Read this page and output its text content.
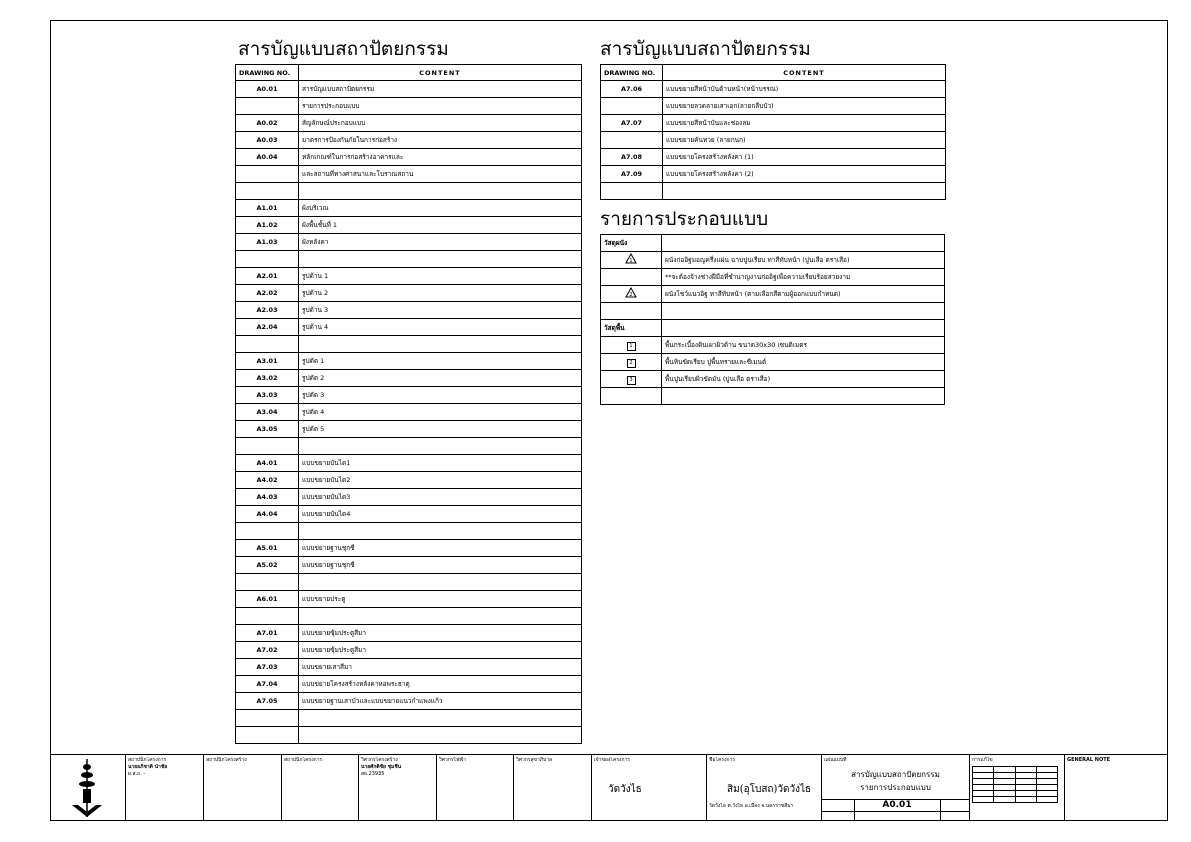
สารบัญแบบสถาปัตยกรรม	สารบัญแบบสถาปัตยกรรม
DRAWING NO.	CONTENT
A0.01	สารบัญแบบสถาปัตยกรรม
	รายการประกอบแบบ
A0.02	สัญลักษณ์ประกอบแบบ
A0.03	มาตรการป้องกันภัยในการก่อสร้าง
A0.04	หลักเกณฑ์ในการก่อสร้างอาคารและ
	และสถานที่ทางศาสนาและโบราณสถาน

A1.01	ผังบริเวณ
A1.02	ผังพื้นชั้นที่ 1
A1.03	ผังหลังคา

A2.01	รูปด้าน 1
A2.02	รูปด้าน 2
A2.03	รูปด้าน 3
A2.04	รูปด้าน 4

A3.01	รูปตัด 1
A3.02	รูปตัด 2
A3.03	รูปตัด 3
A3.04	รูปตัด 4
A3.05	รูปตัด 5

A4.01	แบบขยายบันได1
A4.02	แบบขยายบันได2
A4.03	แบบขยายบันได3
A4.04	แบบขยายบันได4

A5.01	แบบขยายฐานชุกชี
A5.02	แบบขยายฐานชุกชี

A6.01	แบบขยายประตู

A7.01	แบบขยายซุ้มประตูสีมา
A7.02	แบบขยายซุ้มประตูสีมา
A7.03	แบบขยายเสาสีมา
A7.04	แบบขยายโครงสร้างหลังคาหอพระธาตุ
A7.05	แบบขยายฐานเสาบัวและแบบขยายแนวกำแพงแก้ว

DRAWING NO.	CONTENT
A7.06	แบบขยายสีหน้าบันด้านหน้า(หน้าบรรณ)
	แบบขยายลวดลายเสาเอก(ลายกลีบบัว)
A7.07	แบบขยายสีหน้าบันและช่องลม
	แบบขยายคันทวย (ลายกนก)
A7.08	แบบขยายโครงสร้างหลังคา (1)
A7.09	แบบขยายโครงสร้างหลังคา (2)

รายการประกอบแบบ
วัสดุผนัง	

1	ผนังก่ออิฐมอญครึ่งแผ่น ฉาบปูนเรียบ ทาสีทับหน้า (ปูนเสือ ตราเสือ)
	**จะต้องจ้างช่างฝีมือที่ชำนาญงานก่ออิฐเพื่อความเรียบร้อยสวยงาม

2	ผนังโชว์แนวอิฐ ทาสีทับหน้า (ตามเลือกสีตามผู้ออกแบบกำหนด)

วัสดุพื้น	
1	พื้นกระเบื้องดินเผาผิวด้าน ขนาด30x30 เซนติเมตร
2	พื้นหินขัดเรียบ ปูพื้นทรายและซีเมนต์
3	พื้นปูนเรียบผิวขัดมัน (ปูนเสือ ตราเสือ)

สถาปนิกโครงการ
นายอภิชาติ นำชัย
ผ.ส.ถ. -
สถาปนิกโครงสร้าง	สถาปนิกโครงการ	วิศวกรโครงสร้าง
นายศักดิ์ชัย ชุ่มชื่น
สย.23935
วิศวกรไฟฟ้า	วิศวกรสุขาภิบาล	เจ้าของโครงการ
วัดวังไธ
ชื่อโครงการ
สิม(อุโบสถ)วัดวังไธ
วัดวังไธ ต.วังไธ อ.เมือง จ.นครราชสีมา
แผ่นแบบที่
สารบัญแบบสถาปัตยกรรม
รายการประกอบแบบ
A0.01
การแก้ไข

				GENERAL NOTE
